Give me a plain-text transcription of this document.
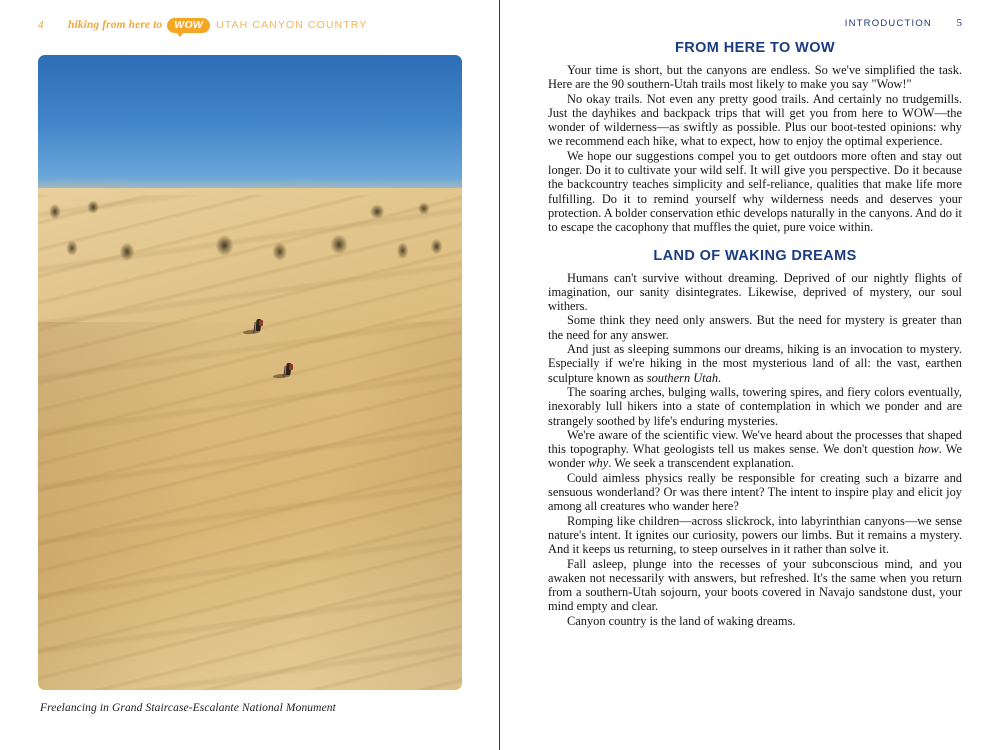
4	hiking from here to	WOW	UTAH CANYON COUNTRY
Freelancing in Grand Staircase-Escalante National Monument
INTRODUCTION 5
FROM HERE TO WOW

Your time is short, but the canyons are endless. So we've simplified the task. Here are the 90 southern-Utah trails most likely to make you say "Wow!"

No okay trails. Not even any pretty good trails. And certainly no trudgemills. Just the dayhikes and backpack trips that will get you from here to WOW—the wonder of wilderness—as swiftly as possible. Plus our boot-tested opinions: why we recommend each hike, what to expect, how to enjoy the optimal experience.

We hope our suggestions compel you to get outdoors more often and stay out longer. Do it to cultivate your wild self. It will give you perspective. Do it because the backcountry teaches simplicity and self-reliance, qualities that make life more fulfilling. Do it to remind yourself why wilderness needs and deserves your protection. A bolder conservation ethic develops naturally in the canyons. And do it to escape the cacophony that muffles the quiet, pure voice within.

LAND OF WAKING DREAMS

Humans can't survive without dreaming. Deprived of our nightly flights of imagination, our sanity disintegrates. Likewise, deprived of mystery, our soul withers.

Some think they need only answers. But the need for mystery is greater than the need for any answer.

And just as sleeping summons our dreams, hiking is an invocation to mystery. Especially if we're hiking in the most mysterious land of all: the vast, earthen sculpture known as southern Utah.

The soaring arches, bulging walls, towering spires, and fiery colors eventually, inexorably lull hikers into a state of contemplation in which we ponder and are strangely soothed by life's enduring mysteries.

We're aware of the scientific view. We've heard about the processes that shaped this topography. What geologists tell us makes sense. We don't question how. We wonder why. We seek a transcendent explanation.

Could aimless physics really be responsible for creating such a bizarre and sensuous wonderland? Or was there intent? The intent to inspire play and elicit joy among all creatures who wander here?

Romping like children—across slickrock, into labyrinthian canyons—we sense nature's intent. It ignites our curiosity, powers our limbs. But it remains a mystery. And it keeps us returning, to steep ourselves in it rather than solve it.

Fall asleep, plunge into the recesses of your subconscious mind, and you awaken not necessarily with answers, but refreshed. It's the same when you return from a southern-Utah sojourn, your boots covered in Navajo sandstone dust, your mind empty and clear.

Canyon country is the land of waking dreams.
